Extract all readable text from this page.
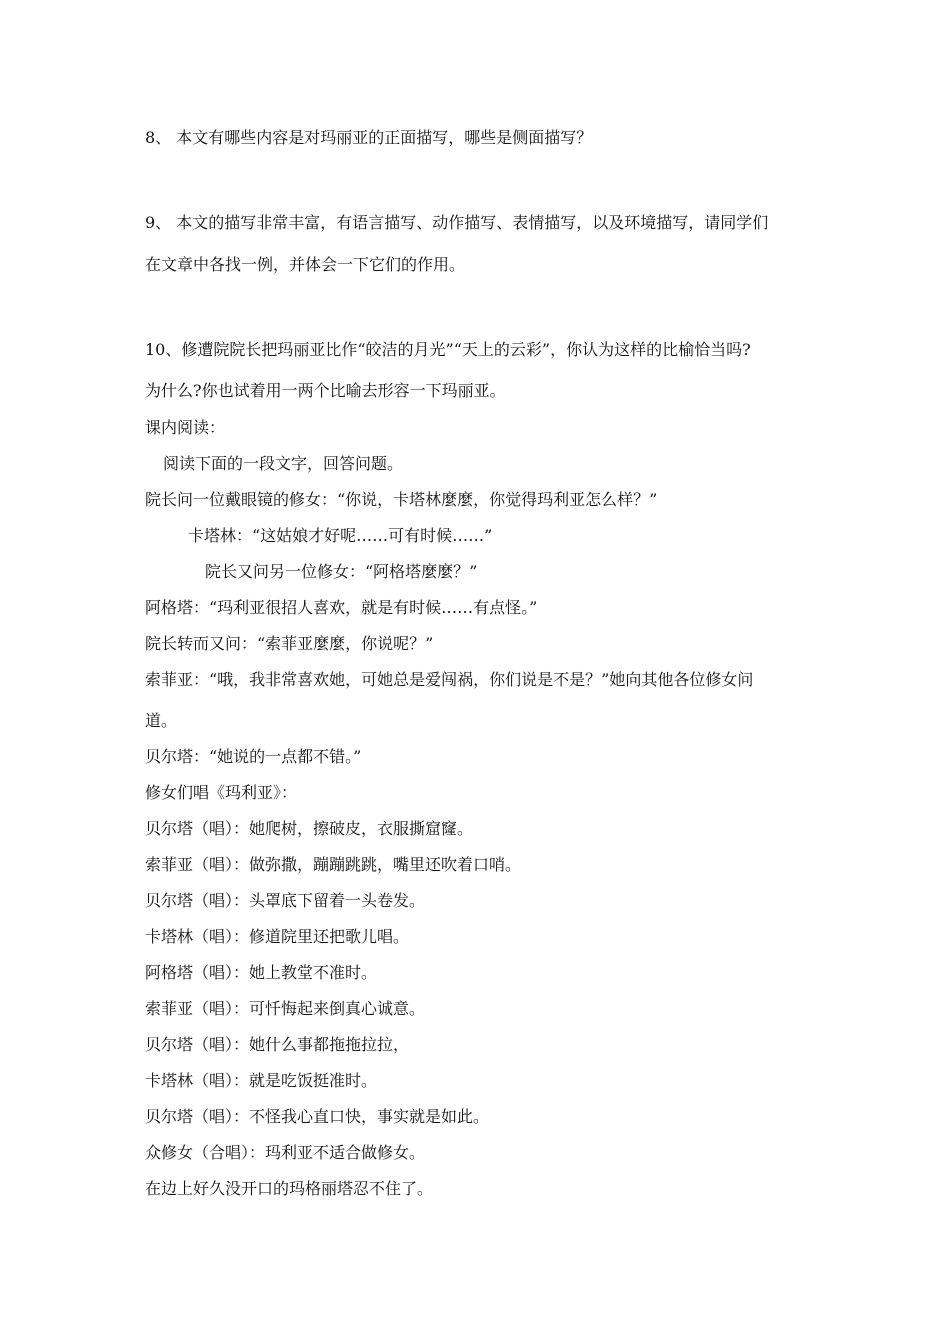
8、 本文有哪些内容是对玛丽亚的正面描写，哪些是侧面描写？
9、 本文的描写非常丰富，有语言描写、动作描写、表情描写，以及环境描写，请同学们
在文章中各找一例，并体会一下它们的作用。
10、修遭院院长把玛丽亚比作“皎洁的月光”“天上的云彩”，你认为这样的比榆恰当吗?
为什么?你也试着用一两个比喻去形容一下玛丽亚。
课内阅读：
阅读下面的一段文字，回答问题。
院长问一位戴眼镜的修女：“你说，卡塔林麼麼，你觉得玛利亚怎么样？”
卡塔林：“这姑娘才好呢……可有时候……”
院长又问另一位修女：“阿格塔麼麼？”
阿格塔：“玛利亚很招人喜欢，就是有时候……有点怪。”
院长转而又问：“索菲亚麼麼，你说呢？”
索菲亚：“哦，我非常喜欢她，可她总是爱闯祸，你们说是不是？”她向其他各位修女问
道。
贝尔塔：“她说的一点都不错。”
修女们唱《玛利亚》：
贝尔塔（唱）：她爬树，擦破皮，衣服撕窟窿。
索菲亚（唱）：做弥撒，蹦蹦跳跳，嘴里还吹着口哨。
贝尔塔（唱）：头罩底下留着一头卷发。
卡塔林（唱）：修道院里还把歌儿唱。
阿格塔（唱）：她上教堂不准时。
索菲亚（唱）：可忏悔起来倒真心诚意。
贝尔塔（唱）：她什么事都拖拖拉拉，
卡塔林（唱）：就是吃饭挺准时。
贝尔塔（唱）：不怪我心直口快，事实就是如此。
众修女（合唱）：玛利亚不适合做修女。
在边上好久没开口的玛格丽塔忍不住了。
